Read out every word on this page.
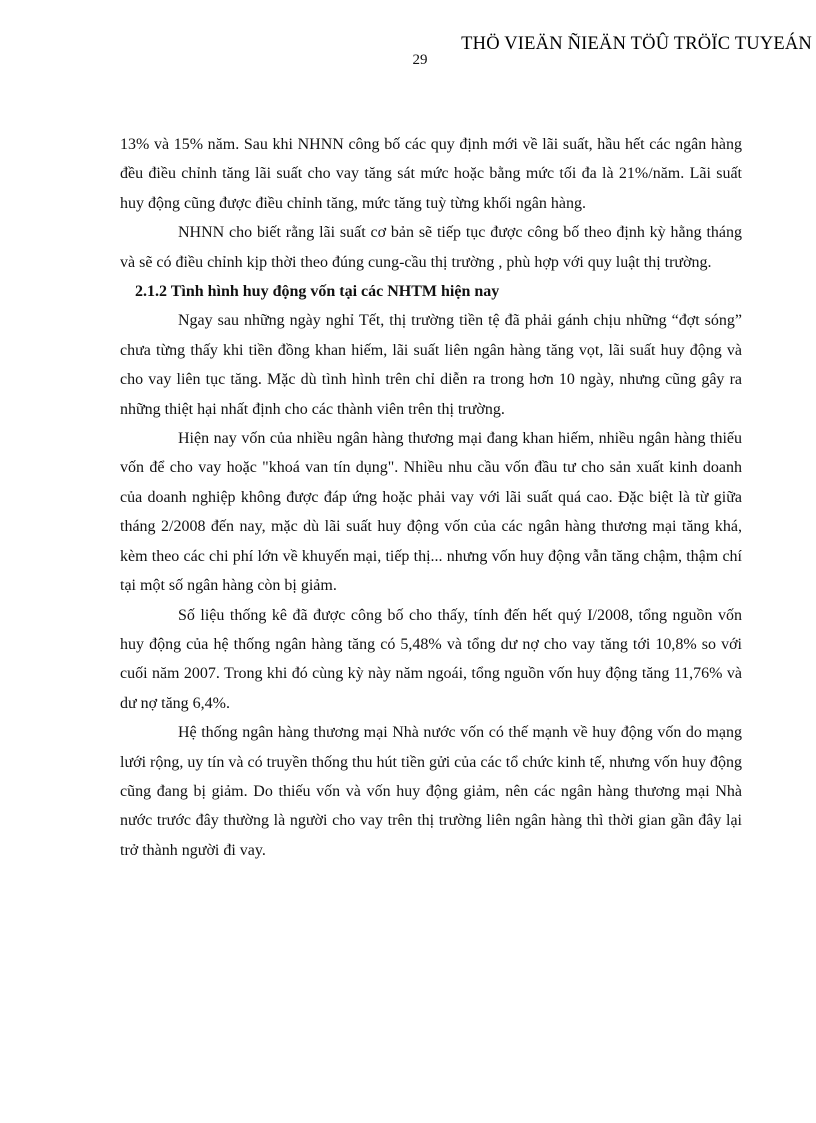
THÖ VIEÄN ÑIEÄN TÖÛ TRÖÏC TUYEÁN
29

13% và 15% năm. Sau khi NHNN công bố các quy định mới về lãi suất, hầu hết các ngân hàng đều điều chỉnh tăng lãi suất cho vay tăng sát mức hoặc bằng mức tối đa là 21%/năm. Lãi suất huy động cũng được điều chỉnh tăng, mức tăng tuỳ từng khối ngân hàng.

NHNN cho biết rằng lãi suất cơ bản sẽ tiếp tục được công bố theo định kỳ hằng tháng và sẽ có điều chỉnh kịp thời theo đúng cung-cầu thị trường , phù hợp với quy luật thị trường.

2.1.2 Tình hình huy động vốn tại các NHTM hiện nay

Ngay sau những ngày nghỉ Tết, thị trường tiền tệ đã phải gánh chịu những “đợt sóng” chưa từng thấy khi tiền đồng khan hiếm, lãi suất liên ngân hàng tăng vọt, lãi suất huy động và cho vay liên tục tăng. Mặc dù tình hình trên chỉ diễn ra trong hơn 10 ngày, nhưng cũng gây ra những thiệt hại nhất định cho các thành viên trên thị trường.

Hiện nay vốn của nhiều ngân hàng thương mại đang khan hiếm, nhiều ngân hàng thiếu vốn để cho vay hoặc "khoá van tín dụng". Nhiều nhu cầu vốn đầu tư cho sản xuất kinh doanh của doanh nghiệp không được đáp ứng hoặc phải vay với lãi suất quá cao. Đặc biệt là từ giữa tháng 2/2008 đến nay, mặc dù lãi suất huy động vốn của các ngân hàng thương mại tăng khá, kèm theo các chi phí lớn về khuyến mại, tiếp thị... nhưng vốn huy động vẫn tăng chậm, thậm chí tại một số ngân hàng còn bị giảm.

Số liệu thống kê đã được công bố cho thấy, tính đến hết quý I/2008, tổng nguồn vốn huy động của hệ thống ngân hàng tăng có 5,48% và tổng dư nợ cho vay tăng tới 10,8% so với cuối năm 2007. Trong khi đó cùng kỳ này năm ngoái, tổng nguồn vốn huy động tăng 11,76% và dư nợ tăng 6,4%.

Hệ thống ngân hàng thương mại Nhà nước vốn có thế mạnh về huy động vốn do mạng lưới rộng, uy tín và có truyền thống thu hút tiền gửi của các tổ chức kinh tế, nhưng vốn huy động cũng đang bị giảm. Do thiếu vốn và vốn huy động giảm, nên các ngân hàng thương mại Nhà nước trước đây thường là người cho vay trên thị trường liên ngân hàng thì thời gian gần đây lại trở thành người đi vay.
